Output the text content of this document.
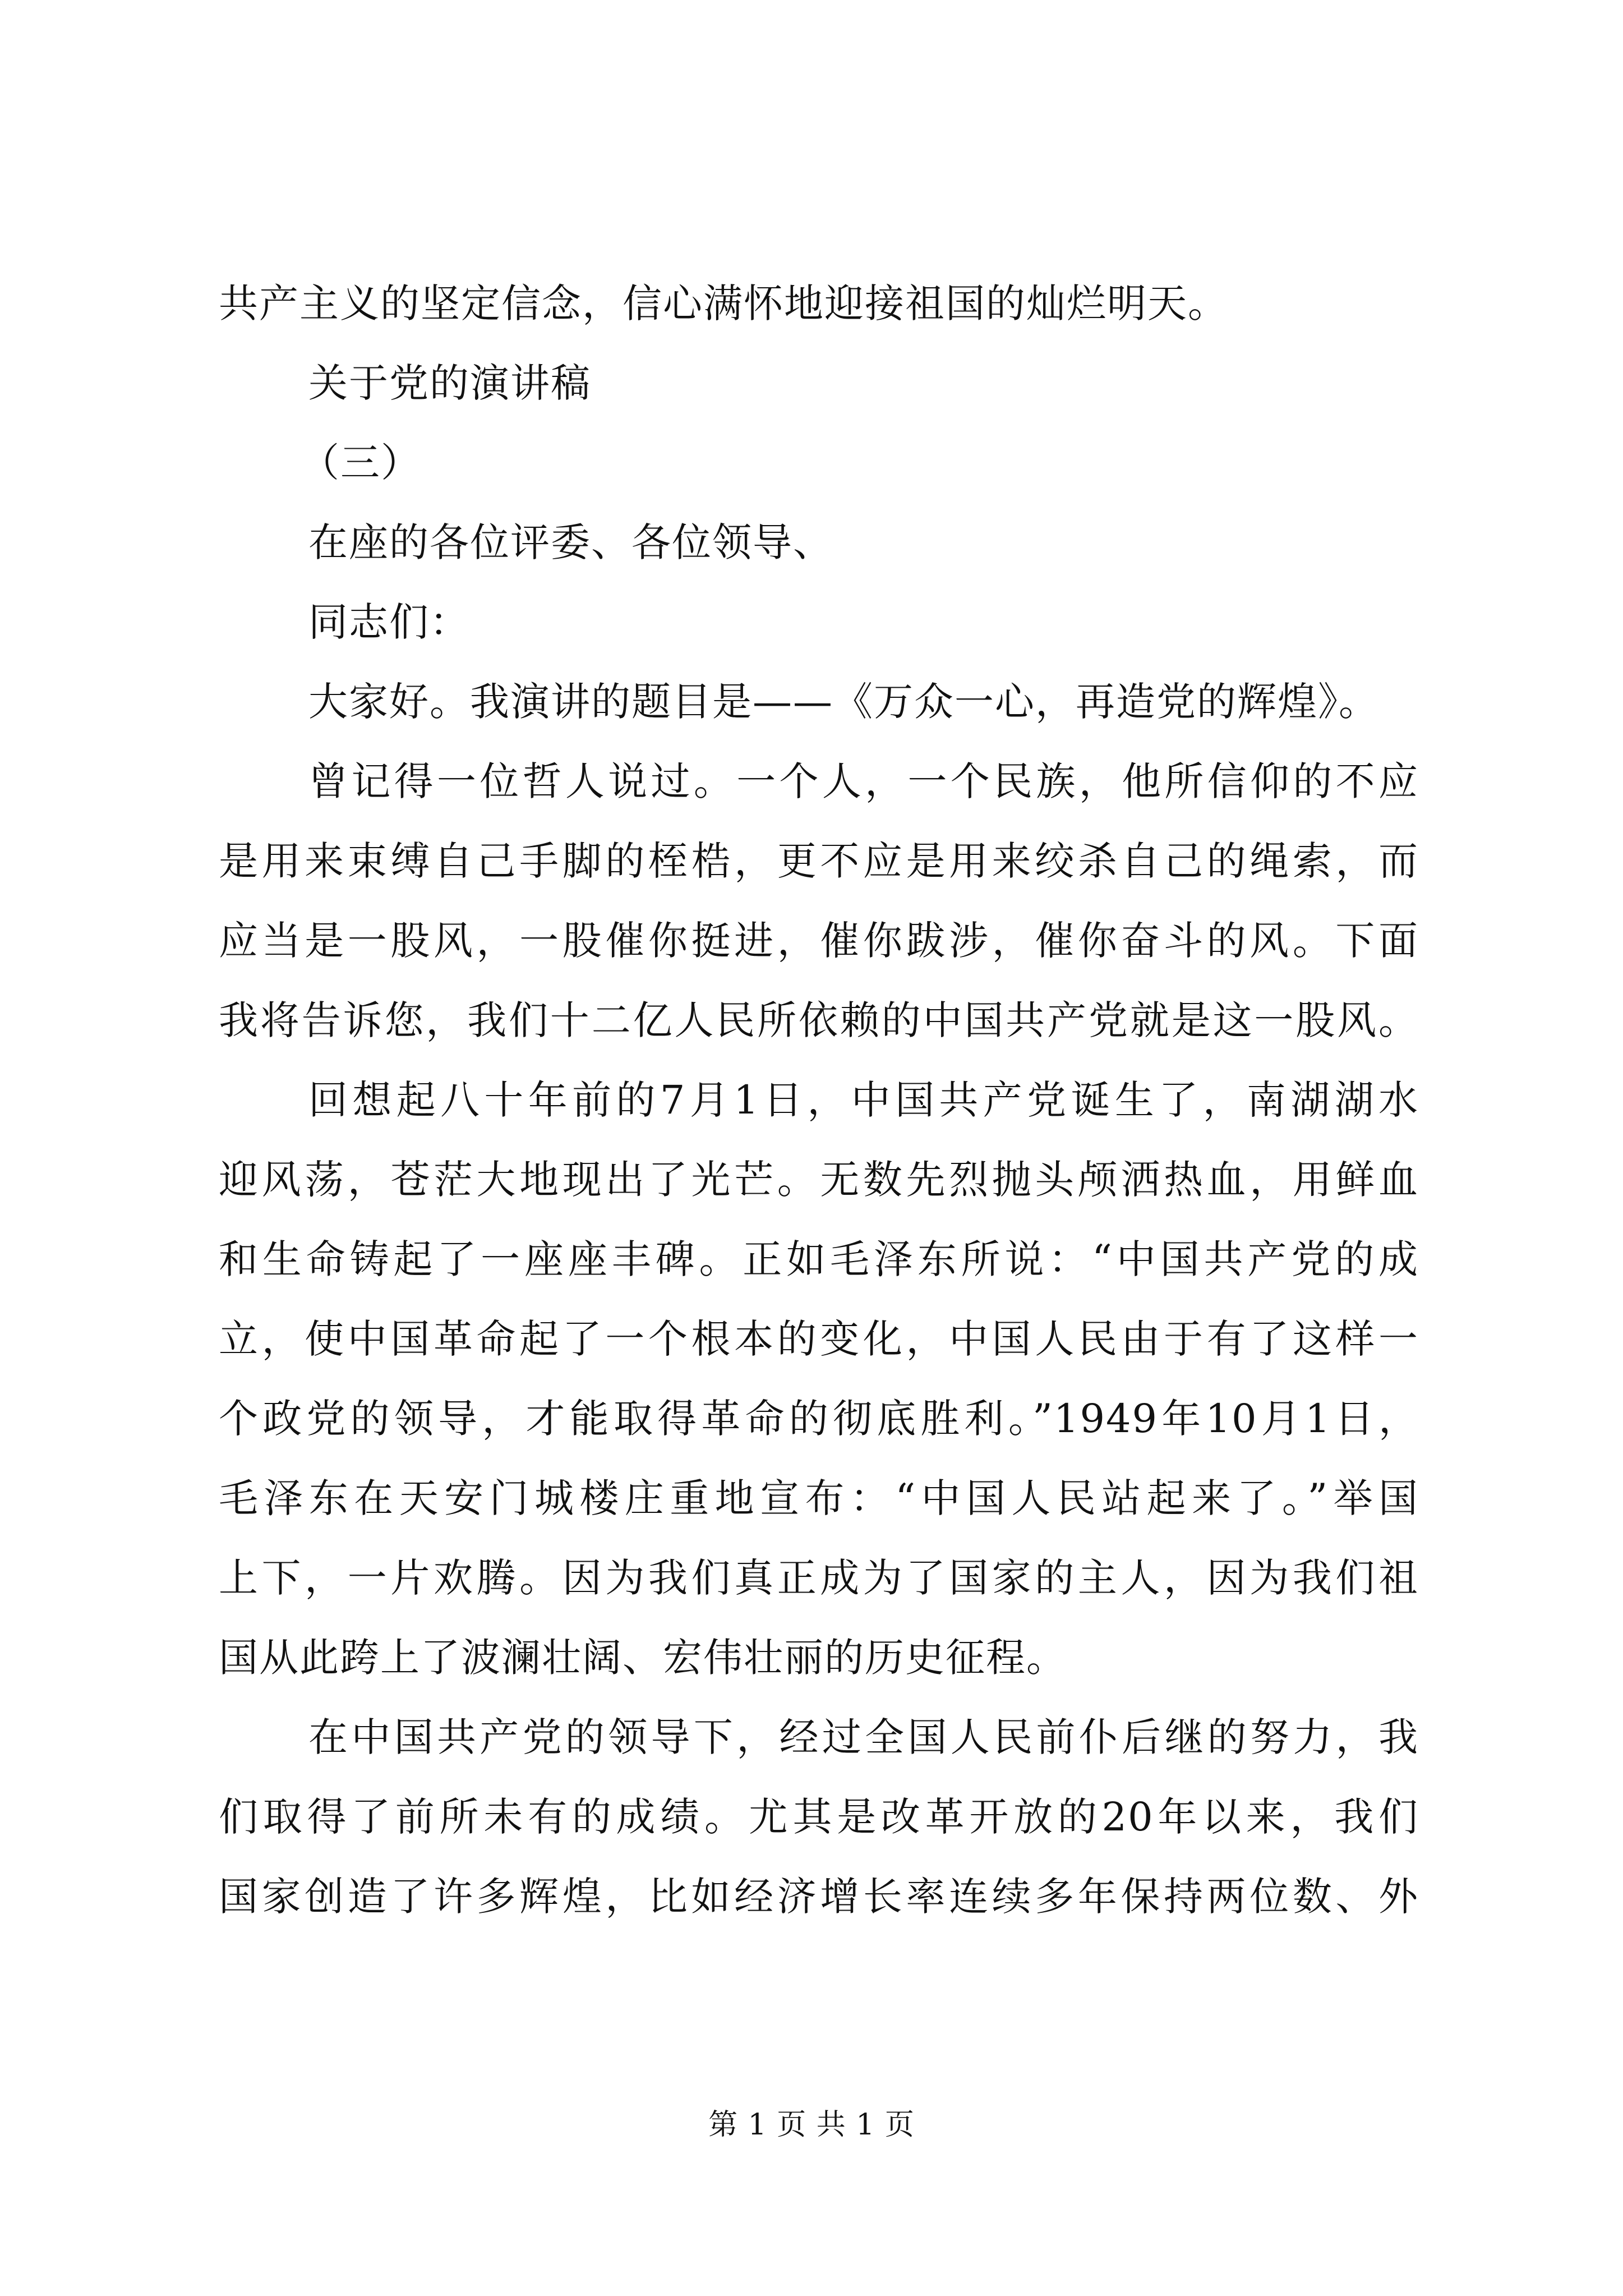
共产主义的坚定信念，信心满怀地迎接祖国的灿烂明天。
关于党的演讲稿
（三）
在座的各位评委、各位领导、
同志们：
大家好。我演讲的题目是——《万众一心，再造党的辉煌》。
曾记得一位哲人说过。一个人，一个民族，他所信仰的不应
是用来束缚自己手脚的桎梏，更不应是用来绞杀自己的绳索，而
应当是一股风，一股催你挺进，催你跋涉，催你奋斗的风。下面
我将告诉您，我们十二亿人民所依赖的中国共产党就是这一股风。
回想起八十年前的7月1日，中国共产党诞生了，南湖湖水
迎风荡，苍茫大地现出了光芒。无数先烈抛头颅洒热血，用鲜血
和生命铸起了一座座丰碑。正如毛泽东所说：“中国共产党的成
立，使中国革命起了一个根本的变化，中国人民由于有了这样一
个政党的领导，才能取得革命的彻底胜利。”1949年10月1日，
毛泽东在天安门城楼庄重地宣布：“中国人民站起来了。”举国
上下，一片欢腾。因为我们真正成为了国家的主人，因为我们祖
国从此跨上了波澜壮阔、宏伟壮丽的历史征程。
在中国共产党的领导下，经过全国人民前仆后继的努力，我
们取得了前所未有的成绩。尤其是改革开放的20年以来，我们
国家创造了许多辉煌，比如经济增长率连续多年保持两位数、外
第 1 页 共 1 页
